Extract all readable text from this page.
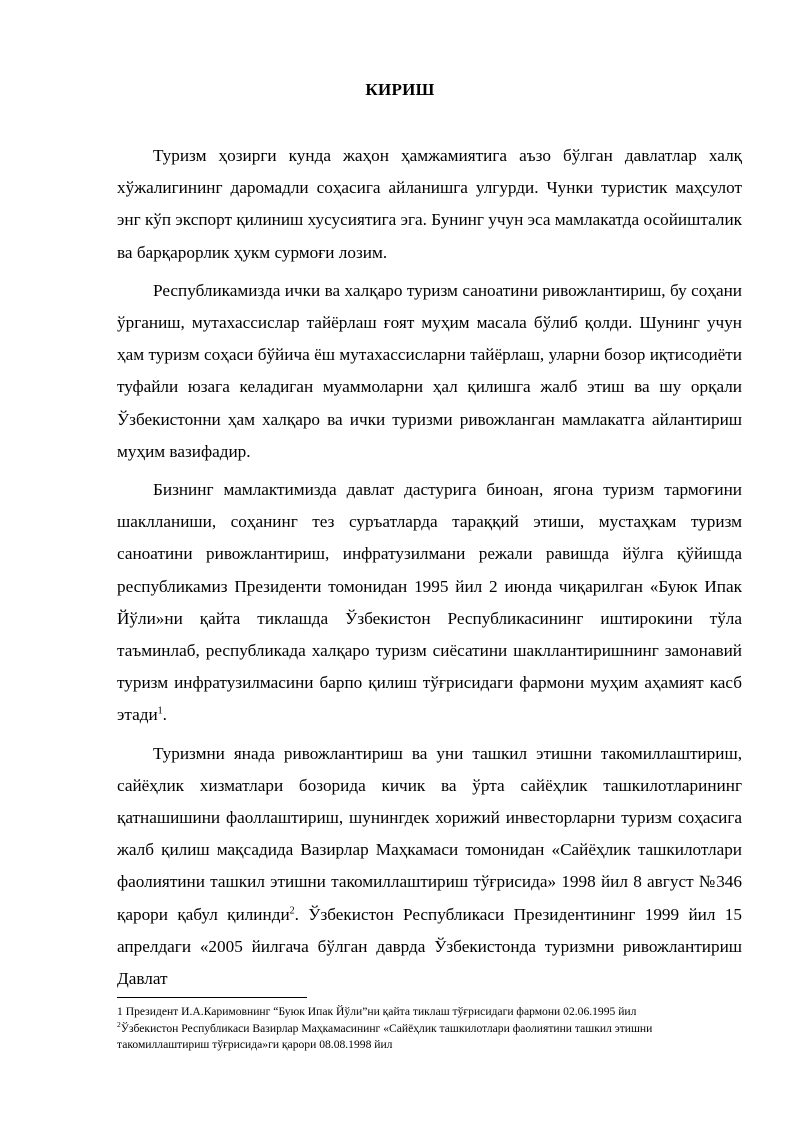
КИРИШ

Туризм ҳозирги кунда жаҳон ҳамжамиятига аъзо бўлган давлатлар халқ хўжалигининг даромадли соҳасига айланишга улгурди. Чунки туристик маҳсулот энг кўп экспорт қилиниш хусусиятига эга. Бунинг учун эса мамлакатда осойишталик ва барқарорлик ҳукм сурмоғи лозим.

Республикамизда ички ва халқаро туризм саноатини ривожлантириш, бу соҳани ўрганиш, мутахассислар тайёрлаш ғоят муҳим масала бўлиб қолди. Шунинг учун ҳам туризм соҳаси бўйича ёш мутахассисларни тайёрлаш, уларни бозор иқтисодиёти туфайли юзага келадиган муаммоларни ҳал қилишга жалб этиш ва шу орқали Ўзбекистонни ҳам халқаро ва ички туризми ривожланган мамлакатга айлантириш муҳим вазифадир.

Бизнинг мамлактимизда давлат дастурига биноан, ягона туризм тармоғини шаклланиши, соҳанинг тез суръатларда тараққий этиши, мустаҳкам туризм саноатини ривожлантириш, инфратузилмани режали равишда йўлга қўйишда республикамиз Президенти томонидан 1995 йил 2 июнда чиқарилган «Буюк Ипак Йўли»ни қайта тиклашда Ўзбекистон Республикасининг иштирокини тўла таъминлаб, республикада халқаро туризм сиёсатини шакллантиришнинг замонавий туризм инфратузилмасини барпо қилиш тўғрисидаги фармони муҳим аҳамият касб этади$^1$.

Туризмни янада ривожлантириш ва уни ташкил этишни такомиллаштириш, сайёҳлик хизматлари бозорида кичик ва ўрта сайёҳлик ташкилотларининг қатнашишини фаоллаштириш, шунингдек хорижий инвесторларни туризм соҳасига жалб қилиш мақсадида Вазирлар Маҳкамаси томонидан «Сайёҳлик ташкилотлари фаолиятини ташкил этишни такомиллаштириш тўғрисида» 1998 йил 8 август №346 қарори қабул қилинди$^2$. Ўзбекистон Республикаси Президентининг 1999 йил 15 апрелдаги «2005 йилгача бўлган даврда Ўзбекистонда туризмни ривожлантириш Давлат

1 Президент И.А.Каримовнинг “Буюк Ипак Йўли”ни қайта тиклаш тўғрисидаги фармони 02.06.1995 йил
$^2$Ўзбекистон Республикаси Вазирлар Маҳкамасининг «Сайёҳлик ташкилотлари фаолиятини ташкил этишни такомиллаштириш тўғрисида»ги қарори 08.08.1998 йил
